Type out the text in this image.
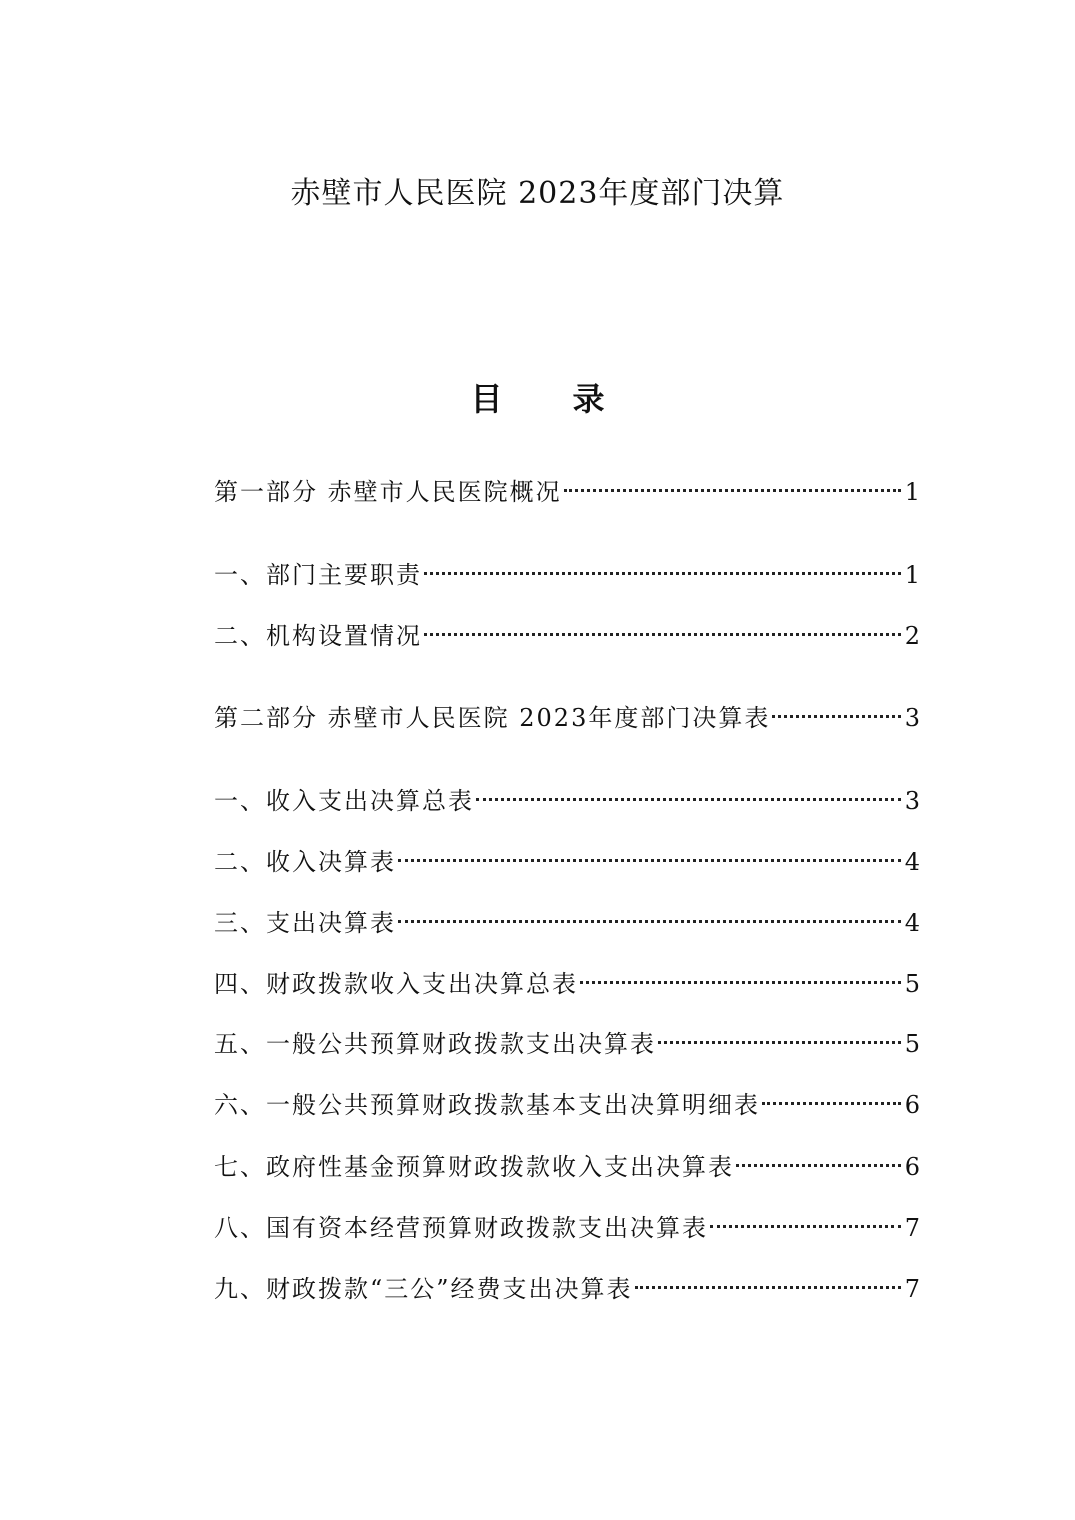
赤壁市人民医院 2023年度部门决算
目录
第一部分 赤壁市人民医院概况	1
一、部门主要职责	1
二、机构设置情况	2
第二部分 赤壁市人民医院 2023年度部门决算表	3
一、收入支出决算总表	3
二、收入决算表	4
三、支出决算表	4
四、财政拨款收入支出决算总表	5
五、一般公共预算财政拨款支出决算表	5
六、一般公共预算财政拨款基本支出决算明细表	6
七、政府性基金预算财政拨款收入支出决算表	6
八、国有资本经营预算财政拨款支出决算表	7
九、财政拨款“三公”经费支出决算表	7
